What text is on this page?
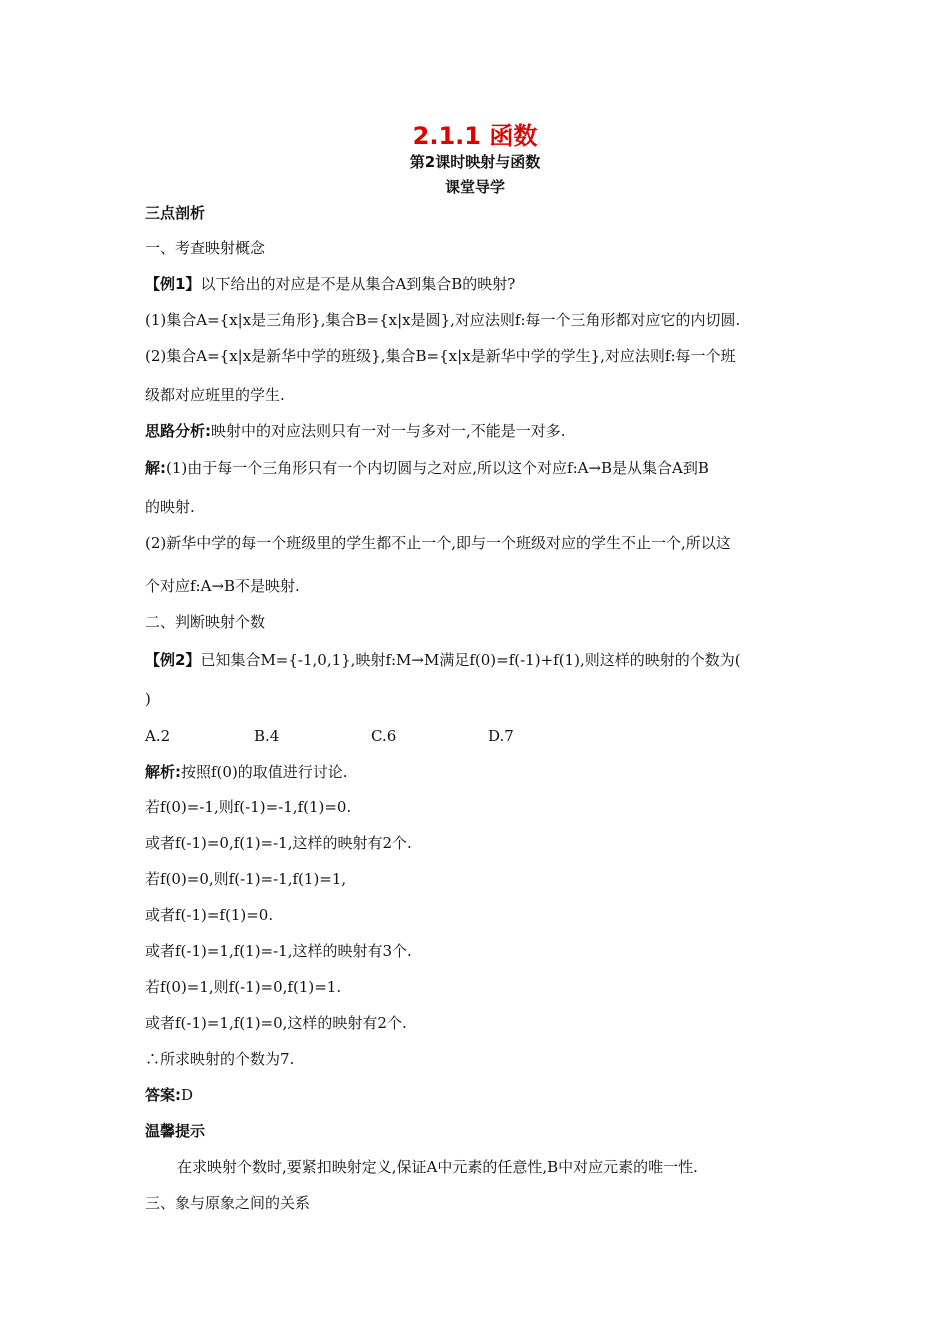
2.1.1 函数
第2课时映射与函数
课堂导学
三点剖析
一、考查映射概念
【例1】以下给出的对应是不是从集合A到集合B的映射?
(1)集合A={x|x是三角形},集合B={x|x是圆},对应法则f:每一个三角形都对应它的内切圆.
(2)集合A={x|x是新华中学的班级},集合B={x|x是新华中学的学生},对应法则f:每一个班
级都对应班里的学生.
思路分析:映射中的对应法则只有一对一与多对一,不能是一对多.
解:(1)由于每一个三角形只有一个内切圆与之对应,所以这个对应f:A→B是从集合A到B
的映射.
(2)新华中学的每一个班级里的学生都不止一个,即与一个班级对应的学生不止一个,所以这
个对应f:A→B不是映射.
二、判断映射个数
【例2】已知集合M={-1,0,1},映射f:M→M满足f(0)=f(-1)+f(1),则这样的映射的个数为(
)
A.2	B.4	C.6	D.7
解析:按照f(0)的取值进行讨论.
若f(0)=-1,则f(-1)=-1,f(1)=0.
或者f(-1)=0,f(1)=-1,这样的映射有2个.
若f(0)=0,则f(-1)=-1,f(1)=1,
或者f(-1)=f(1)=0.
或者f(-1)=1,f(1)=-1,这样的映射有3个.
若f(0)=1,则f(-1)=0,f(1)=1.
或者f(-1)=1,f(1)=0,这样的映射有2个.
∴所求映射的个数为7.
答案:D
温馨提示
在求映射个数时,要紧扣映射定义,保证A中元素的任意性,B中对应元素的唯一性.
三、象与原象之间的关系
